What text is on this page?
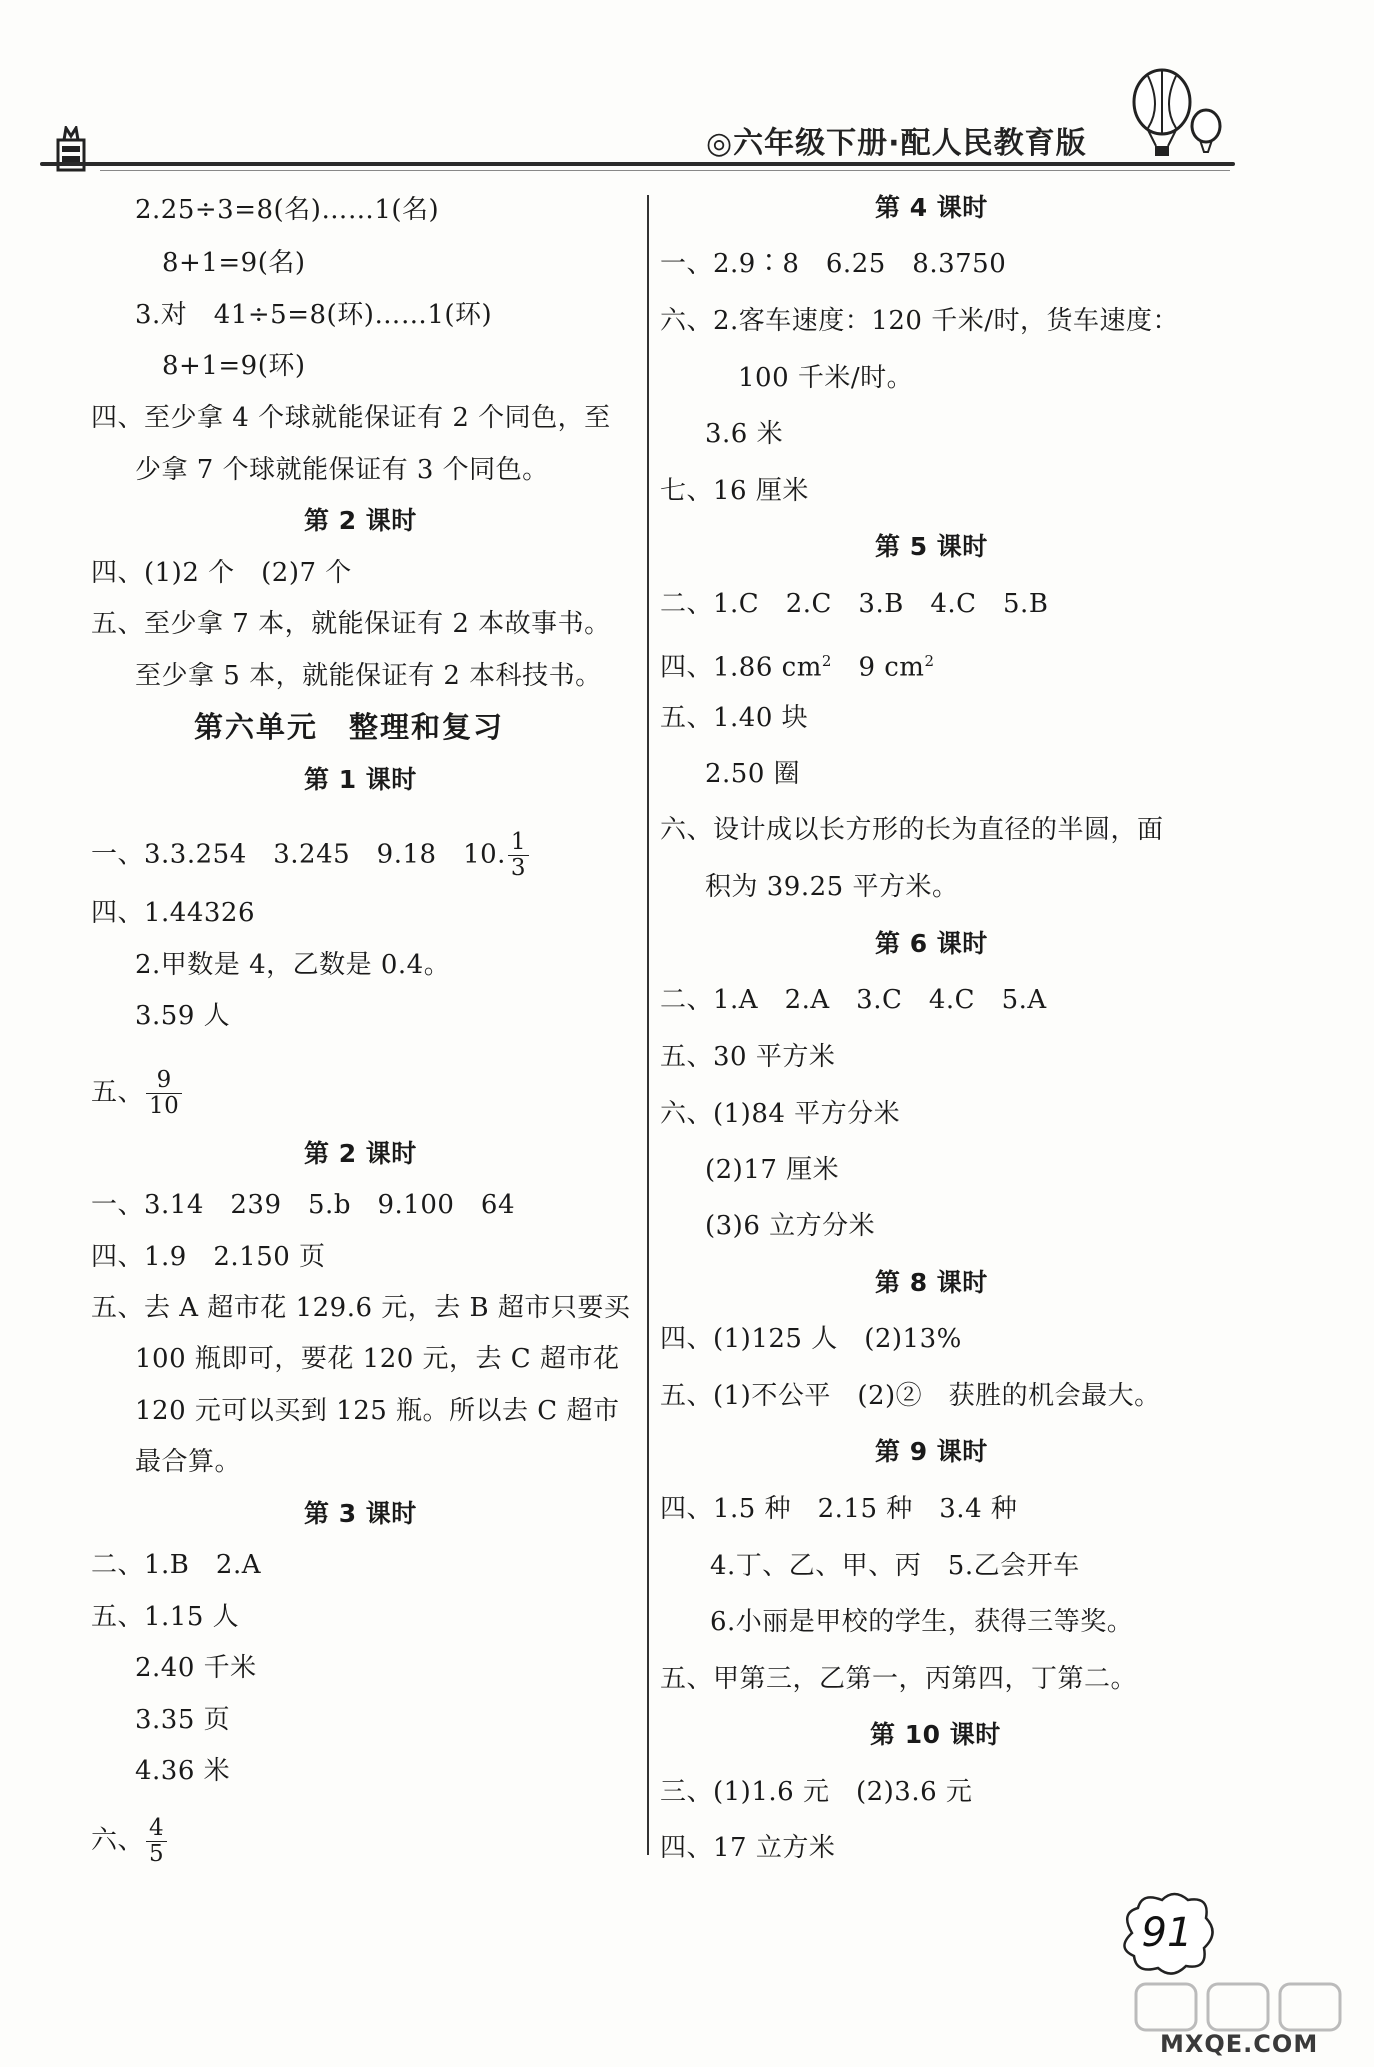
◎六年级下册·配人民教育版
2.25÷3=8(名)……1(名)
8+1=9(名)
3.对　41÷5=8(环)……1(环)
8+1=9(环)
四、至少拿 4 个球就能保证有 2 个同色，至
少拿 7 个球就能保证有 3 个同色。
第 2 课时
四、(1)2 个　(2)7 个
五、至少拿 7 本，就能保证有 2 本故事书。
至少拿 5 本，就能保证有 2 本科技书。
第六单元　整理和复习
第 1 课时
一、3.3.254　3.245　9.18　10. $\frac{1}{3}$
四、1.44326
2.甲数是 4，乙数是 0.4。
3.59 人
五、 $\frac{9}{10}$
第 2 课时
一、3.14　239　5.b　9.100　64
四、1.9　2.150 页
五、去 A 超市花 129.6 元，去 B 超市只要买
100 瓶即可，要花 120 元，去 C 超市花
120 元可以买到 125 瓶。所以去 C 超市
最合算。
第 3 课时
二、1.B　2.A
五、1.15 人
2.40 千米
3.35 页
4.36 米
六、 $\frac{4}{5}$
第 4 课时
一、2.9∶8　6.25　8.3750
六、2.客车速度：120 千米/时，货车速度：
100 千米/时。
3.6 米
七、16 厘米
第 5 课时
二、1.C　2.C　3.B　4.C　5.B
四、1.86 $cm^2$　 9 $cm^2$
五、1.40 块
2.50 圈
六、设计成以长方形的长为直径的半圆，面
积为 39.25 平方米。
第 6 课时
二、1.A　2.A　3.C　4.C　5.A
五、30 平方米
六、(1)84 平方分米
(2)17 厘米
(3)6 立方分米
第 8 课时
四、(1)125 人　(2)13%
五、(1)不公平　(2)②　获胜的机会最大。
第 9 课时
四、1.5 种　2.15 种　3.4 种
4.丁、乙、甲、丙　5.乙会开车
6.小丽是甲校的学生，获得三等奖。
五、甲第三，乙第一，丙第四，丁第二。
第 10 课时
三、(1)1.6 元　(2)3.6 元
四、17 立方米
91
MXQE.COM
